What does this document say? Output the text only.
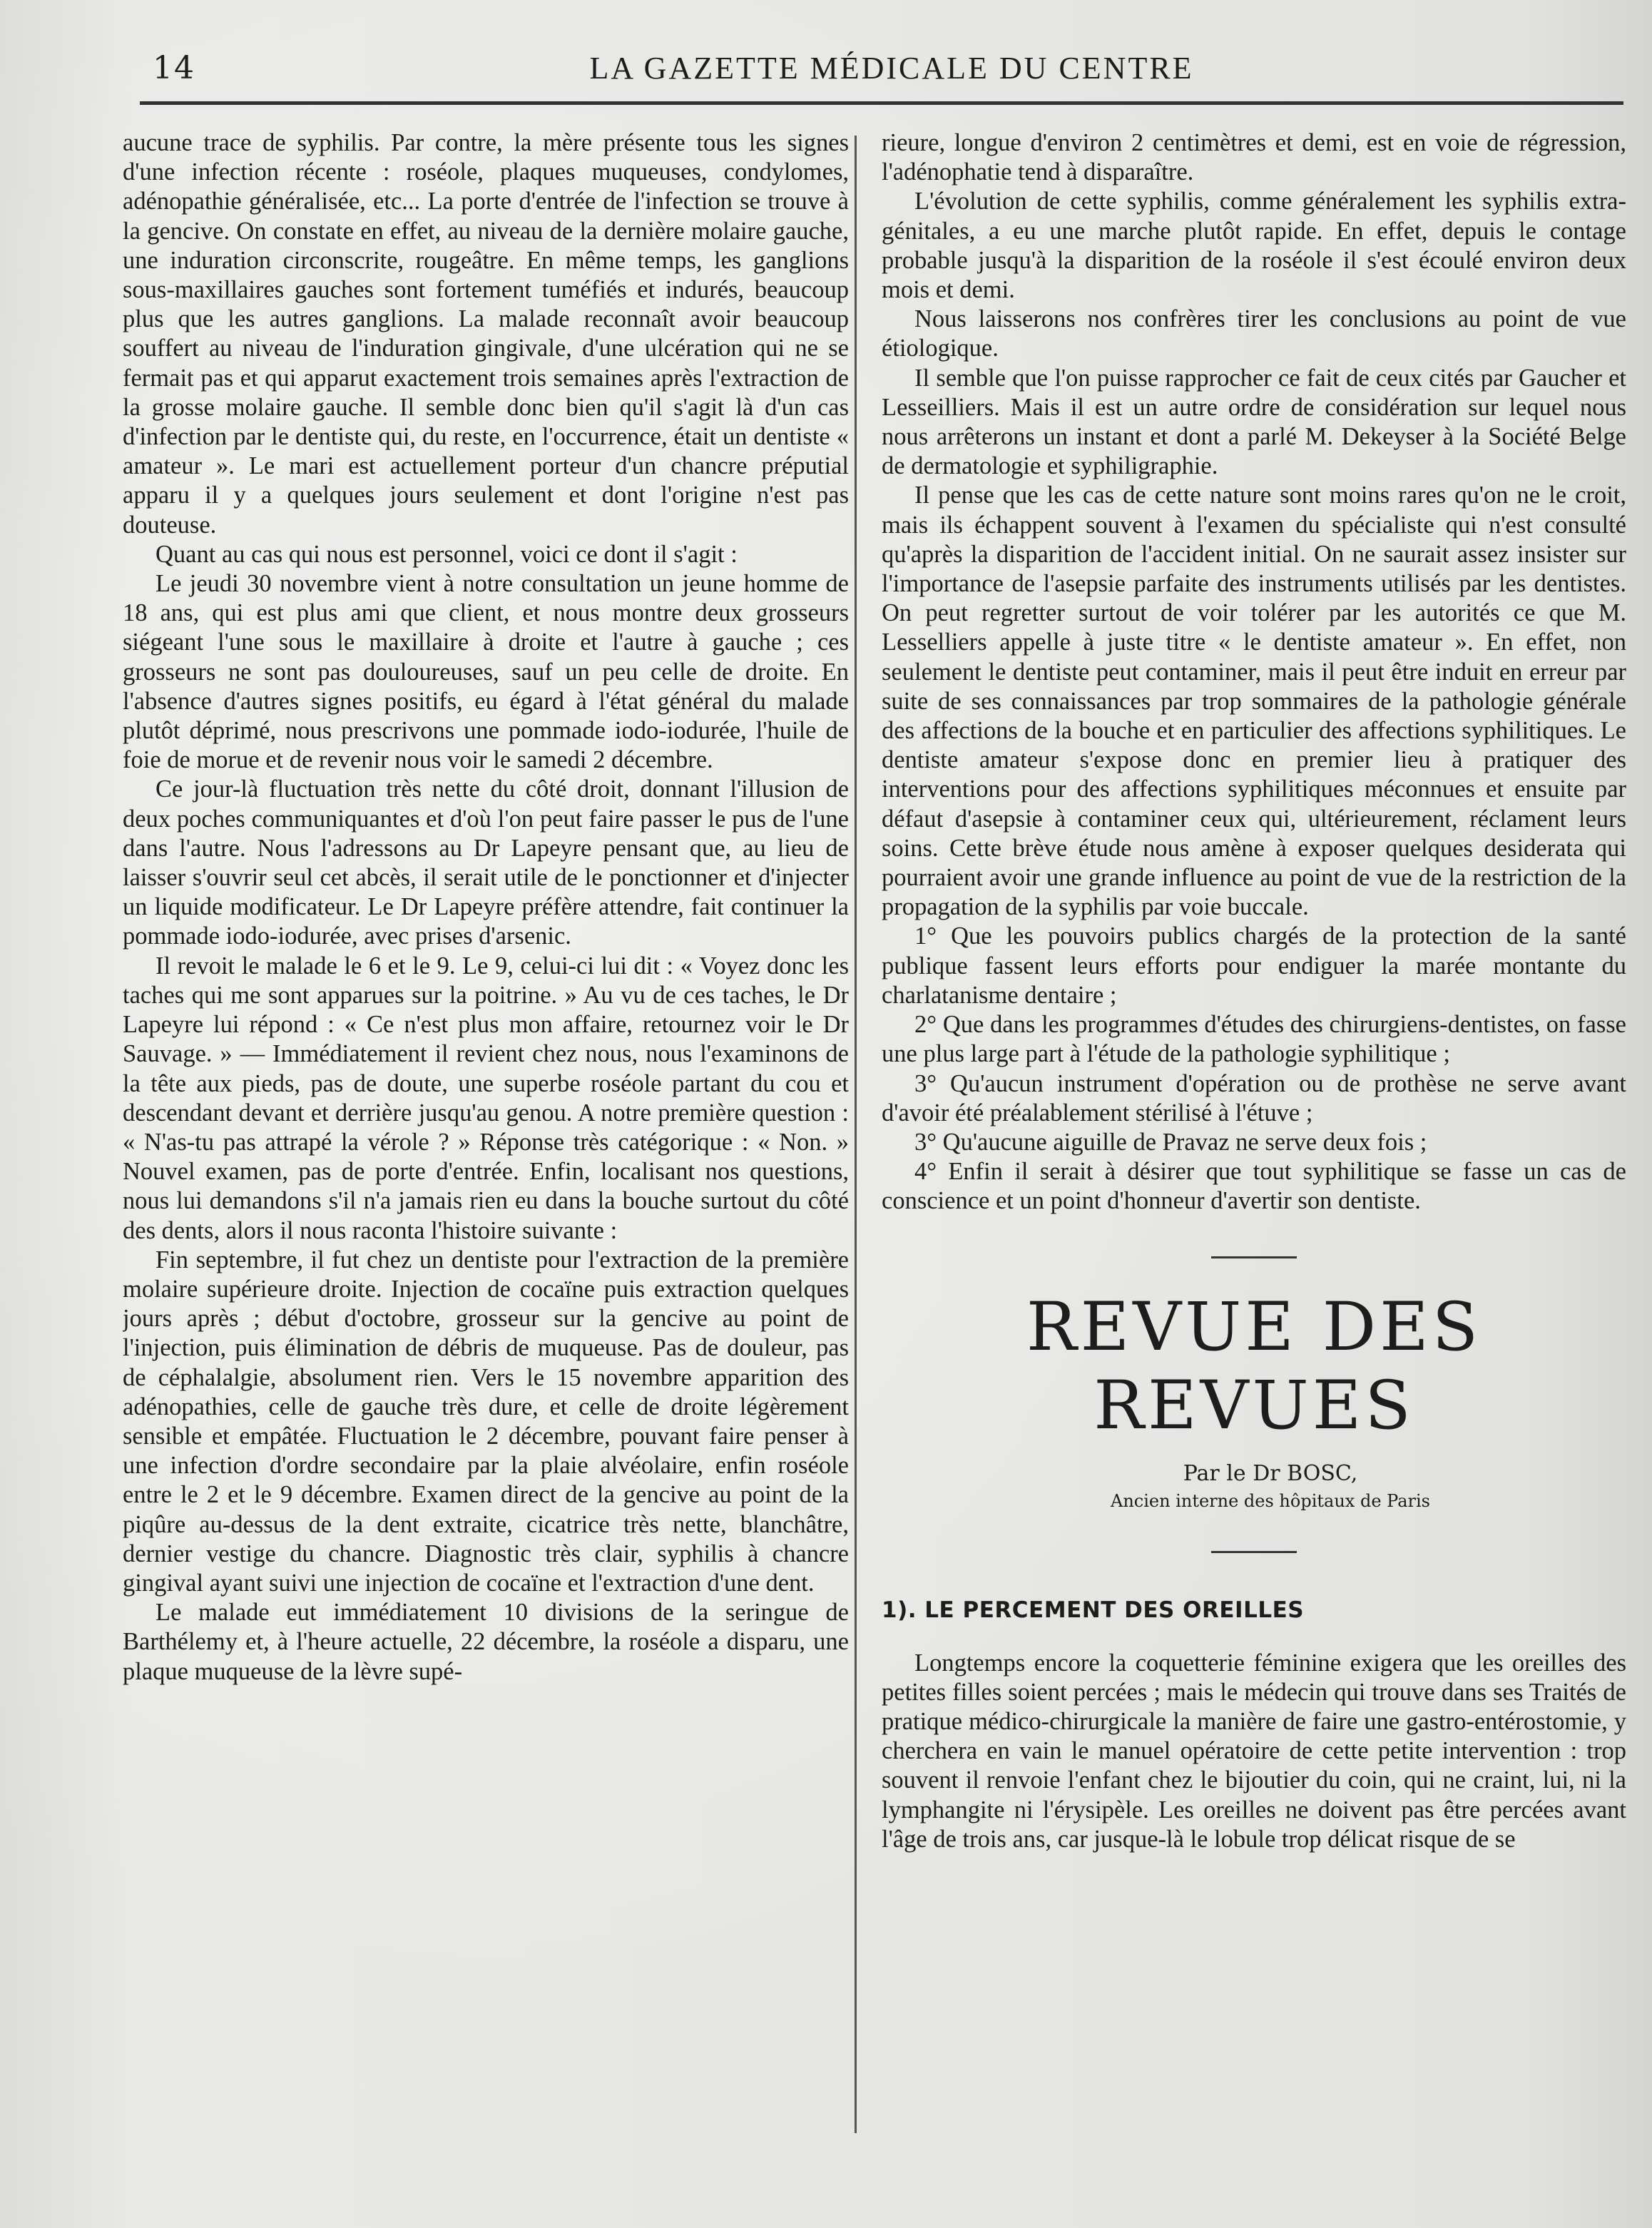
14	LA GAZETTE MÉDICALE DU CENTRE

aucune trace de syphilis. Par contre, la mère présente tous les signes d'une infection récente : roséole, plaques muqueuses, condylomes, adénopathie généralisée, etc... La porte d'entrée de l'infection se trouve à la gencive. On constate en effet, au niveau de la dernière molaire gauche, une induration circonscrite, rougeâtre. En même temps, les ganglions sous-maxillaires gauches sont fortement tuméfiés et indurés, beaucoup plus que les autres ganglions. La malade reconnaît avoir beaucoup souffert au niveau de l'induration gingivale, d'une ulcération qui ne se fermait pas et qui apparut exactement trois semaines après l'extraction de la grosse molaire gauche. Il semble donc bien qu'il s'agit là d'un cas d'infection par le dentiste qui, du reste, en l'occurrence, était un dentiste « amateur ». Le mari est actuellement porteur d'un chancre préputial apparu il y a quelques jours seulement et dont l'origine n'est pas douteuse.

Quant au cas qui nous est personnel, voici ce dont il s'agit :

Le jeudi 30 novembre vient à notre consultation un jeune homme de 18 ans, qui est plus ami que client, et nous montre deux grosseurs siégeant l'une sous le maxillaire à droite et l'autre à gauche ; ces grosseurs ne sont pas douloureuses, sauf un peu celle de droite. En l'absence d'autres signes positifs, eu égard à l'état général du malade plutôt déprimé, nous prescrivons une pommade iodo-iodurée, l'huile de foie de morue et de revenir nous voir le samedi 2 décembre.

Ce jour-là fluctuation très nette du côté droit, donnant l'illusion de deux poches communiquantes et d'où l'on peut faire passer le pus de l'une dans l'autre. Nous l'adressons au Dr Lapeyre pensant que, au lieu de laisser s'ouvrir seul cet abcès, il serait utile de le ponctionner et d'injecter un liquide modificateur. Le Dr Lapeyre préfère attendre, fait continuer la pommade iodo-iodurée, avec prises d'arsenic.

Il revoit le malade le 6 et le 9. Le 9, celui-ci lui dit : « Voyez donc les taches qui me sont apparues sur la poitrine. » Au vu de ces taches, le Dr Lapeyre lui répond : « Ce n'est plus mon affaire, retournez voir le Dr Sauvage. » — Immédiatement il revient chez nous, nous l'examinons de la tête aux pieds, pas de doute, une superbe roséole partant du cou et descendant devant et derrière jusqu'au genou. A notre première question : « N'as-tu pas attrapé la vérole ? » Réponse très catégorique : « Non. » Nouvel examen, pas de porte d'entrée. Enfin, localisant nos questions, nous lui demandons s'il n'a jamais rien eu dans la bouche surtout du côté des dents, alors il nous raconta l'histoire suivante :

Fin septembre, il fut chez un dentiste pour l'extraction de la première molaire supérieure droite. Injection de cocaïne puis extraction quelques jours après ; début d'octobre, grosseur sur la gencive au point de l'injection, puis élimination de débris de muqueuse. Pas de douleur, pas de céphalalgie, absolument rien. Vers le 15 novembre apparition des adénopathies, celle de gauche très dure, et celle de droite légèrement sensible et empâtée. Fluctuation le 2 décembre, pouvant faire penser à une infection d'ordre secondaire par la plaie alvéolaire, enfin roséole entre le 2 et le 9 décembre. Examen direct de la gencive au point de la piqûre au-dessus de la dent extraite, cicatrice très nette, blanchâtre, dernier vestige du chancre. Diagnostic très clair, syphilis à chancre gingival ayant suivi une injection de cocaïne et l'extraction d'une dent.

Le malade eut immédiatement 10 divisions de la seringue de Barthélemy et, à l'heure actuelle, 22 décembre, la roséole a disparu, une plaque muqueuse de la lèvre supé-

rieure, longue d'environ 2 centimètres et demi, est en voie de régression, l'adénophatie tend à disparaître.

L'évolution de cette syphilis, comme généralement les syphilis extra-génitales, a eu une marche plutôt rapide. En effet, depuis le contage probable jusqu'à la disparition de la roséole il s'est écoulé environ deux mois et demi.

Nous laisserons nos confrères tirer les conclusions au point de vue étiologique.

Il semble que l'on puisse rapprocher ce fait de ceux cités par Gaucher et Lesseilliers. Mais il est un autre ordre de considération sur lequel nous nous arrêterons un instant et dont a parlé M. Dekeyser à la Société Belge de dermatologie et syphiligraphie.

Il pense que les cas de cette nature sont moins rares qu'on ne le croit, mais ils échappent souvent à l'examen du spécialiste qui n'est consulté qu'après la disparition de l'accident initial. On ne saurait assez insister sur l'importance de l'asepsie parfaite des instruments utilisés par les dentistes. On peut regretter surtout de voir tolérer par les autorités ce que M. Lesselliers appelle à juste titre « le dentiste amateur ». En effet, non seulement le dentiste peut contaminer, mais il peut être induit en erreur par suite de ses connaissances par trop sommaires de la pathologie générale des affections de la bouche et en particulier des affections syphilitiques. Le dentiste amateur s'expose donc en premier lieu à pratiquer des interventions pour des affections syphilitiques méconnues et ensuite par défaut d'asepsie à contaminer ceux qui, ultérieurement, réclament leurs soins. Cette brève étude nous amène à exposer quelques desiderata qui pourraient avoir une grande influence au point de vue de la restriction de la propagation de la syphilis par voie buccale.

1° Que les pouvoirs publics chargés de la protection de la santé publique fassent leurs efforts pour endiguer la marée montante du charlatanisme dentaire ;

2° Que dans les programmes d'études des chirurgiens-dentistes, on fasse une plus large part à l'étude de la pathologie syphilitique ;

3° Qu'aucun instrument d'opération ou de prothèse ne serve avant d'avoir été préalablement stérilisé à l'étuve ;

3° Qu'aucune aiguille de Pravaz ne serve deux fois ;

4° Enfin il serait à désirer que tout syphilitique se fasse un cas de conscience et un point d'honneur d'avertir son dentiste.

REVUE DES REVUES

Par le Dr BOSC,

Ancien interne des hôpitaux de Paris

1). LE PERCEMENT DES OREILLES

Longtemps encore la coquetterie féminine exigera que les oreilles des petites filles soient percées ; mais le médecin qui trouve dans ses Traités de pratique médico-chirurgicale la manière de faire une gastro-entérostomie, y cherchera en vain le manuel opératoire de cette petite intervention : trop souvent il renvoie l'enfant chez le bijoutier du coin, qui ne craint, lui, ni la lymphangite ni l'érysipèle. Les oreilles ne doivent pas être percées avant l'âge de trois ans, car jusque-là le lobule trop délicat risque de se
